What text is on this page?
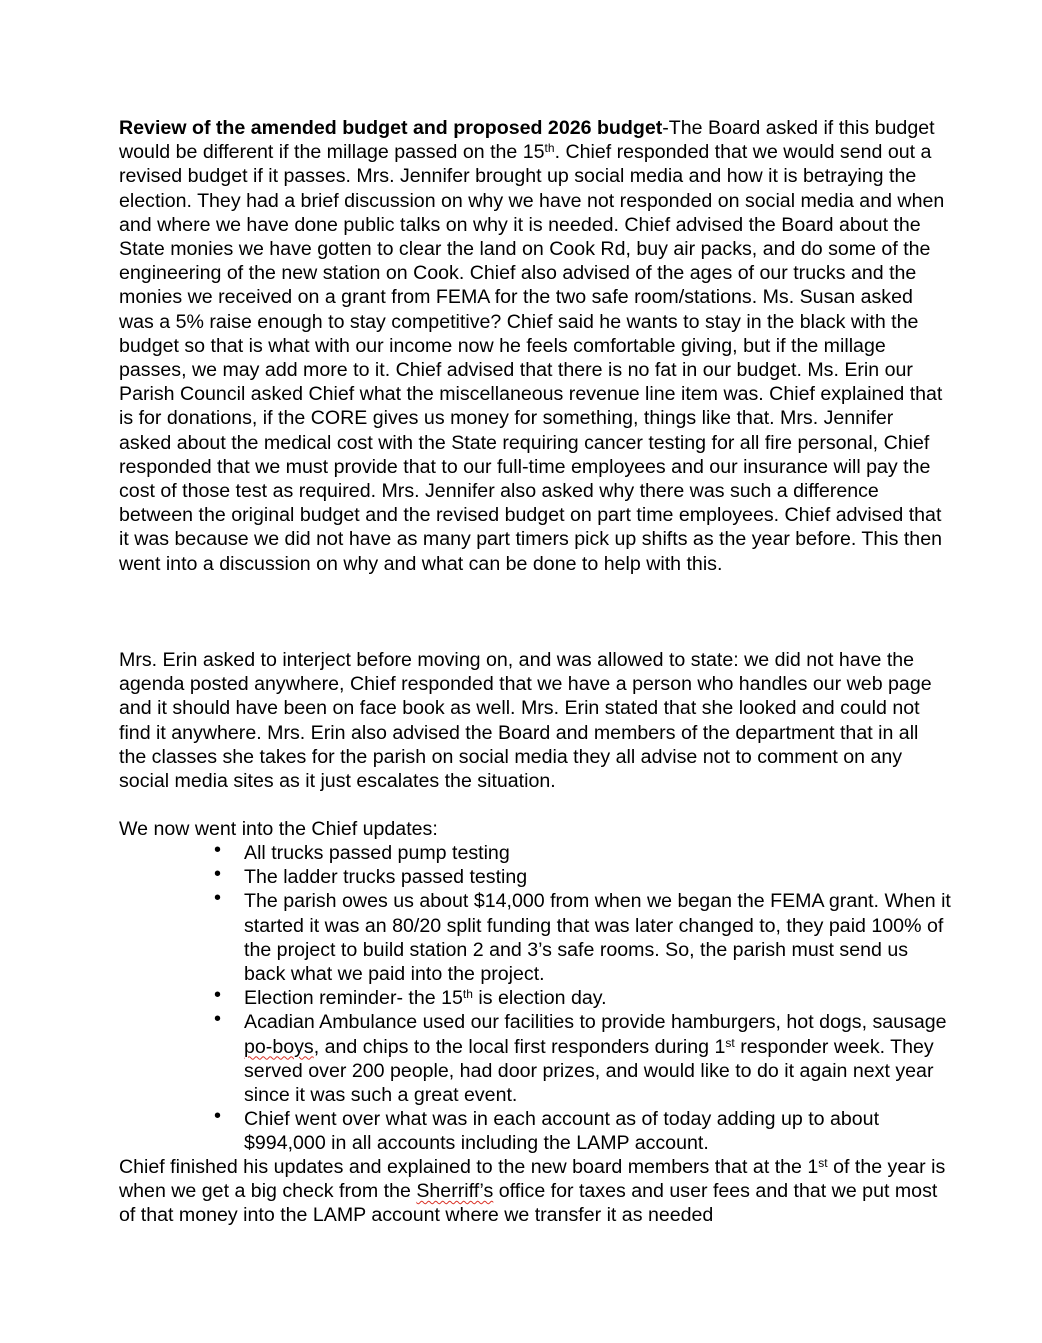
Review of the amended budget and proposed 2026 budget-The Board asked if this budget would be different if the millage passed on the 15th. Chief responded that we would send out a revised budget if it passes. Mrs. Jennifer brought up social media and how it is betraying the election. They had a brief discussion on why we have not responded on social media and when and where we have done public talks on why it is needed. Chief advised the Board about the State monies we have gotten to clear the land on Cook Rd, buy air packs, and do some of the engineering of the new station on Cook. Chief also advised of the ages of our trucks and the monies we received on a grant from FEMA for the two safe room/stations. Ms. Susan asked was a 5% raise enough to stay competitive? Chief said he wants to stay in the black with the budget so that is what with our income now he feels comfortable giving, but if the millage passes, we may add more to it. Chief advised that there is no fat in our budget. Ms. Erin our Parish Council asked Chief what the miscellaneous revenue line item was. Chief explained that is for donations, if the CORE gives us money for something, things like that. Mrs. Jennifer asked about the medical cost with the State requiring cancer testing for all fire personal, Chief responded that we must provide that to our full-time employees and our insurance will pay the cost of those test as required. Mrs. Jennifer also asked why there was such a difference between the original budget and the revised budget on part time employees. Chief advised that it was because we did not have as many part timers pick up shifts as the year before. This then went into a discussion on why and what can be done to help with this.

Mrs. Erin asked to interject before moving on, and was allowed to state: we did not have the agenda posted anywhere, Chief responded that we have a person who handles our web page and it should have been on face book as well. Mrs. Erin stated that she looked and could not find it anywhere. Mrs. Erin also advised the Board and members of the department that in all the classes she takes for the parish on social media they all advise not to comment on any social media sites as it just escalates the situation.

We now went into the Chief updates:

• All trucks passed pump testing
• The ladder trucks passed testing
• The parish owes us about $14,000 from when we began the FEMA grant. When it started it was an 80/20 split funding that was later changed to, they paid 100% of the project to build station 2 and 3’s safe rooms. So, the parish must send us back what we paid into the project.
• Election reminder- the 15th is election day.
• Acadian Ambulance used our facilities to provide hamburgers, hot dogs, sausage po-boys, and chips to the local first responders during 1st responder week. They served over 200 people, had door prizes, and would like to do it again next year since it was such a great event.
• Chief went over what was in each account as of today adding up to about $994,000 in all accounts including the LAMP account.

Chief finished his updates and explained to the new board members that at the 1st of the year is when we get a big check from the Sherriff’s office for taxes and user fees and that we put most of that money into the LAMP account where we transfer it as needed
